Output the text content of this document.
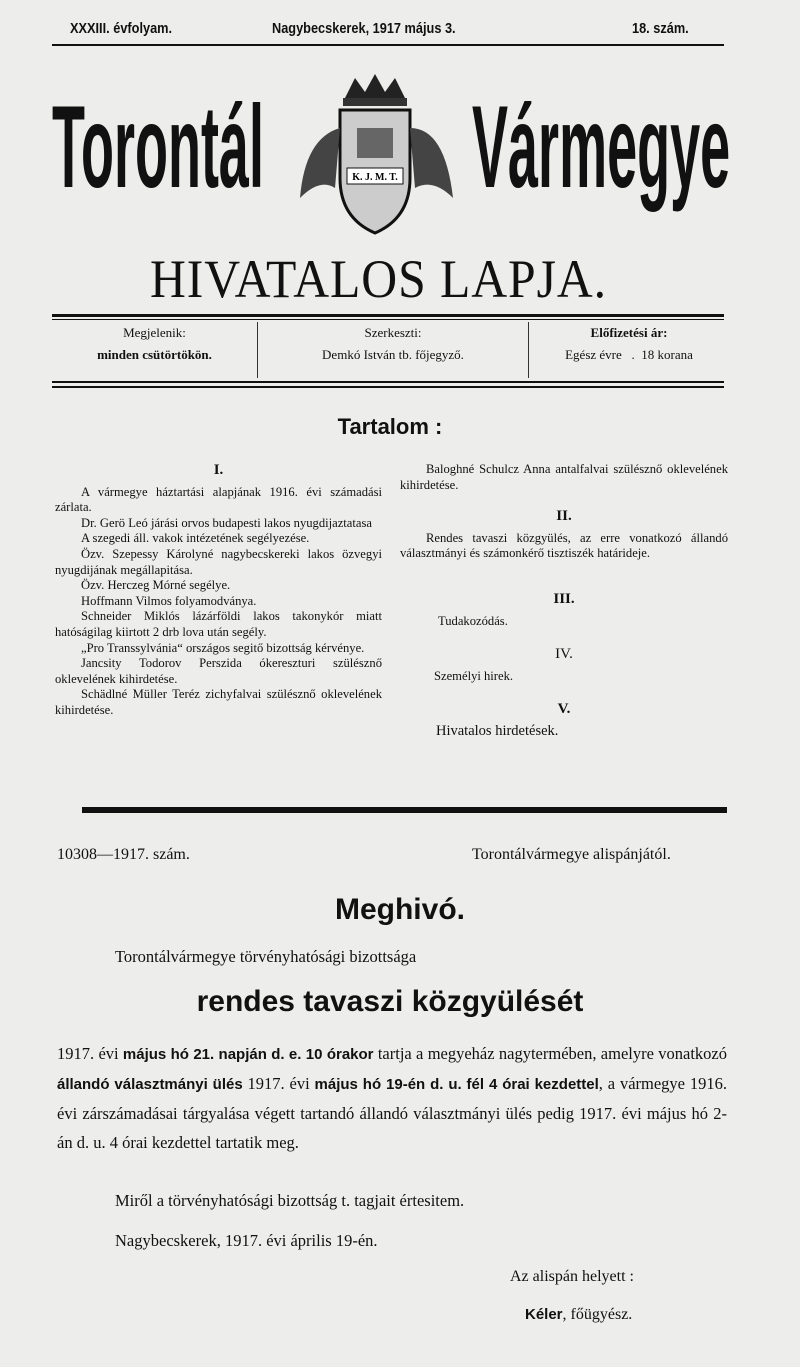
XXXIII. évfolyam.	Nagybecskerek, 1917 május 3.	18. szám.
Torontál Vármegye
K. J. M. T.
HIVATALOS LAPJA.
Megjelenik:
minden csütörtökön.
Szerkeszti:
Demkó István tb. főjegyző.
Előfizetési ár:
Egész évre   .  18 korana
Tartalom :
I.

A vármegye háztartási alapjának 1916. évi számadási zárlata.

Dr. Gerö Leó járási orvos budapesti lakos nyugdijaztatasa

A szegedi áll. vakok intézetének segélyezése.

Özv. Szepessy Károlyné nagybecskereki lakos özvegyi nyugdijának megállapitása.

Özv. Herczeg Mórné segélye.

Hoffmann Vilmos folyamodványa.

Schneider Miklós lázárföldi lakos takonykór miatt hatóságilag kiirtott 2 drb lova után segély.

„Pro Transsylvánia“ országos segitő bizottság kérvénye.

Jancsity Todorov Perszida ókereszturi szülésznő oklevelének kihirdetése.

Schädlné Müller Teréz zichyfalvai szülésznő oklevelének kihirdetése.

Baloghné Schulcz Anna antalfalvai szülésznő oklevelének kihirdetése.

II.

Rendes tavaszi közgyülés, az erre vonatkozó állandó választmányi és számonkérő tisztiszék határideje.

III.

Tudakozódás.

IV.

Személyi hirek.

V.

Hivatalos hirdetések.

10308—1917. szám.	Torontálvármegye alispánjától.
Meghivó.
Torontálvármegye törvényhatósági bizottsága
rendes tavaszi közgyülését
1917. évi május hó 21. napján d. e. 10 órakor tartja a megyeház nagytermében, amelyre vonatkozó állandó választmányi ülés 1917. évi május hó 19-én d. u. fél 4 órai kezdettel, a vármegye 1916. évi zárszámadásai tárgyalása végett tartandó állandó választmányi ülés pedig 1917. évi május hó 2-án d. u. 4 órai kezdettel tartatik meg.
Miről a törvényhatósági bizottság t. tagjait értesitem.
Nagybecskerek, 1917. évi április 19-én.
Az alispán helyett :
Kéler, főügyész.
